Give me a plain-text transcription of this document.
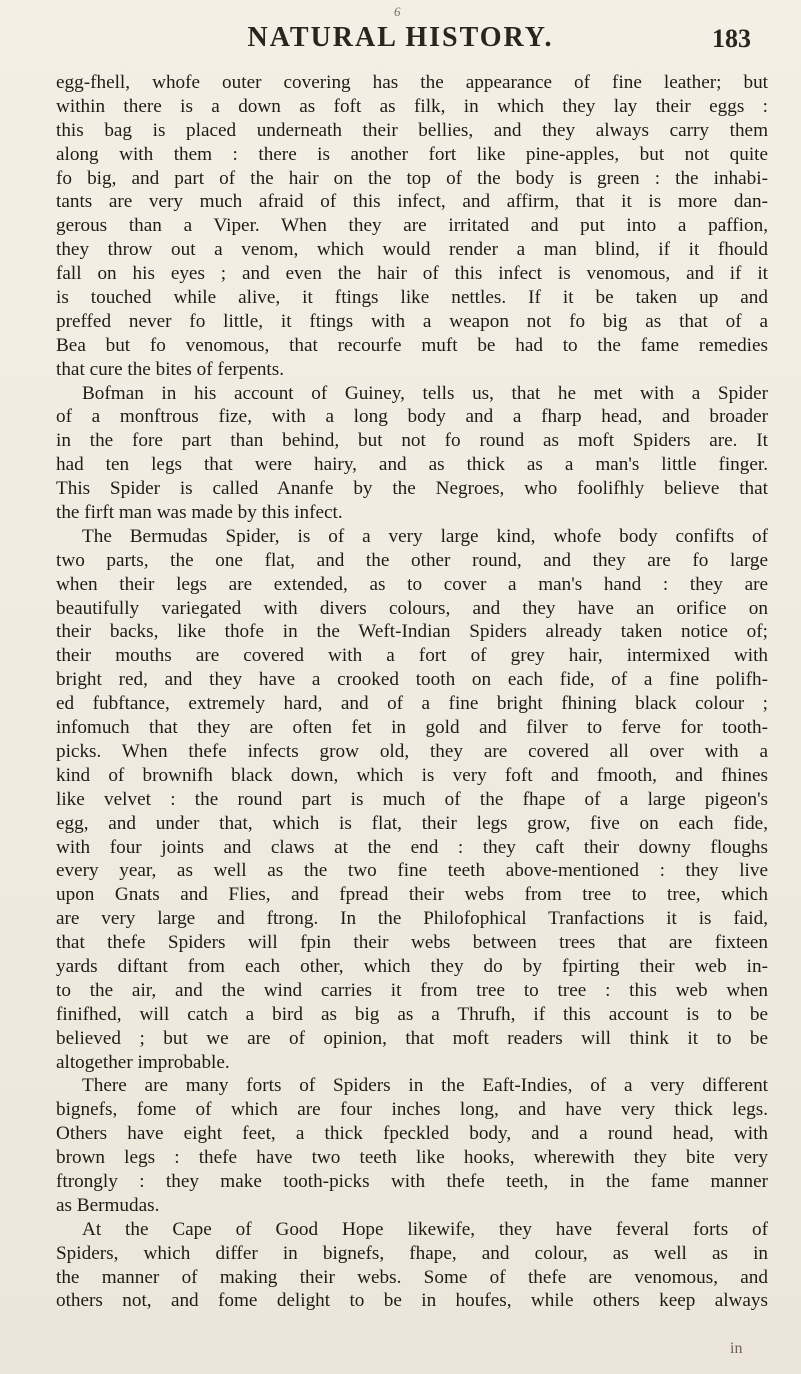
6
NATURAL HISTORY.	183
egg-fhell, whofe outer covering has the appearance of fine leather; but
within there is a down as foft as filk, in which they lay their eggs :
this bag is placed underneath their bellies, and they always carry them
along with them : there is another fort like pine-apples, but not quite
fo big, and part of the hair on the top of the body is green : the inhabi-
tants are very much afraid of this infect, and affirm, that it is more dan-
gerous than a Viper. When they are irritated and put into a paffion,
they throw out a venom, which would render a man blind, if it fhould
fall on his eyes ; and even the hair of this infect is venomous, and if it
is touched while alive, it ftings like nettles. If it be taken up and
preffed never fo little, it ftings with a weapon not fo big as that of a
Bea but fo venomous, that recourfe muft be had to the fame remedies
that cure the bites of ferpents.
Bofman in his account of Guiney, tells us, that he met with a Spider
of a monftrous fize, with a long body and a fharp head, and broader
in the fore part than behind, but not fo round as moft Spiders are. It
had ten legs that were hairy, and as thick as a man's little finger.
This Spider is called Ananfe by the Negroes, who foolifhly believe that
the firft man was made by this infect.
The Bermudas Spider, is of a very large kind, whofe body confifts of
two parts, the one flat, and the other round, and they are fo large
when their legs are extended, as to cover a man's hand : they are
beautifully variegated with divers colours, and they have an orifice on
their backs, like thofe in the Weft-Indian Spiders already taken notice of;
their mouths are covered with a fort of grey hair, intermixed with
bright red, and they have a crooked tooth on each fide, of a fine polifh-
ed fubftance, extremely hard, and of a fine bright fhining black colour ;
infomuch that they are often fet in gold and filver to ferve for tooth-
picks. When thefe infects grow old, they are covered all over with a
kind of brownifh black down, which is very foft and fmooth, and fhines
like velvet : the round part is much of the fhape of a large pigeon's
egg, and under that, which is flat, their legs grow, five on each fide,
with four joints and claws at the end : they caft their downy floughs
every year, as well as the two fine teeth above-mentioned : they live
upon Gnats and Flies, and fpread their webs from tree to tree, which
are very large and ftrong. In the Philofophical Tranfactions it is faid,
that thefe Spiders will fpin their webs between trees that are fixteen
yards diftant from each other, which they do by fpirting their web in-
to the air, and the wind carries it from tree to tree : this web when
finifhed, will catch a bird as big as a Thrufh, if this account is to be
believed ; but we are of opinion, that moft readers will think it to be
altogether improbable.
There are many forts of Spiders in the Eaft-Indies, of a very different
bignefs, fome of which are four inches long, and have very thick legs.
Others have eight feet, a thick fpeckled body, and a round head, with
brown legs : thefe have two teeth like hooks, wherewith they bite very
ftrongly : they make tooth-picks with thefe teeth, in the fame manner
as Bermudas.
At the Cape of Good Hope likewife, they have feveral forts of
Spiders, which differ in bignefs, fhape, and colour, as well as in
the manner of making their webs. Some of thefe are venomous, and
others not, and fome delight to be in houfes, while others keep always
in
